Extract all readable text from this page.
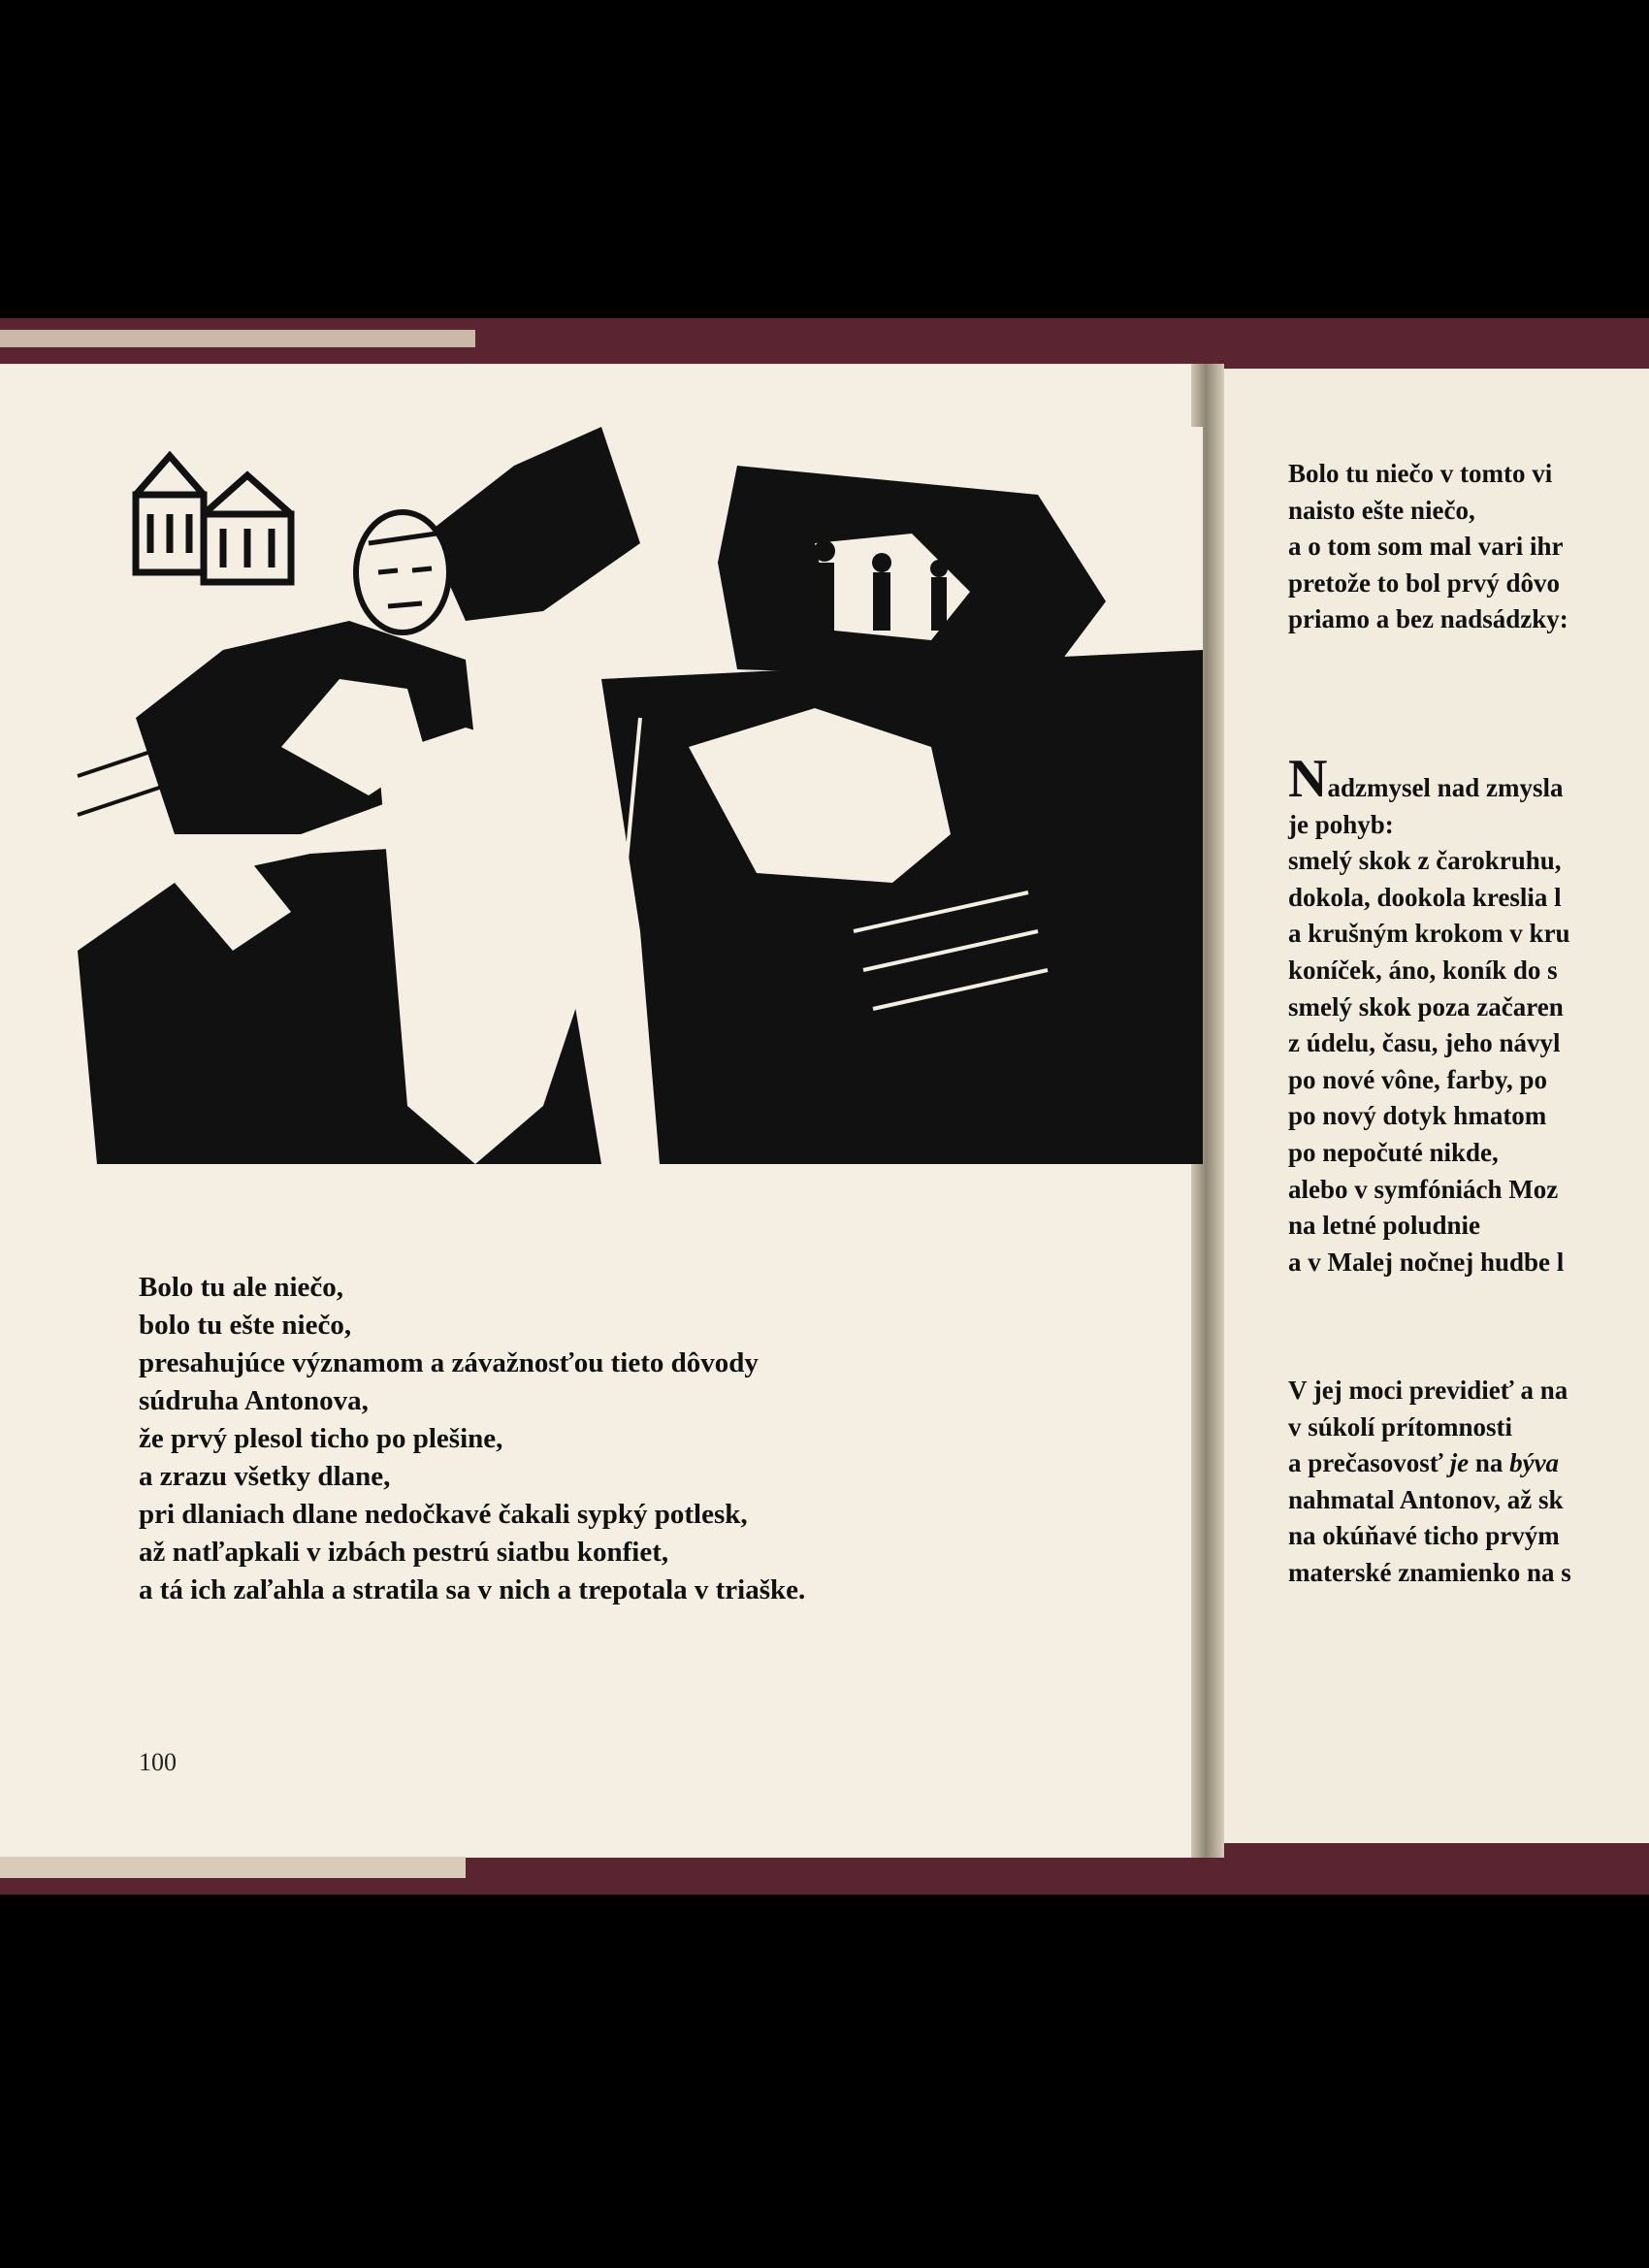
Bolo tu niečo v tomto vi
naisto ešte niečo,
a o tom som mal vari ihr
pretože to bol prvý dôvo
priamo a bez nadsádzky:
Nadzmysel nad zmysla
je pohyb:
smelý skok z čarokruhu,
dokola, dookola kreslia l
a krušným krokom v kru
koníček, áno, koník do s
smelý skok poza začaren
z údelu, času, jeho návyl
po nové vône, farby, po
po nový dotyk hmatom
po nepočuté nikde,
alebo v symfóniách Moz
na letné poludnie
a v Malej nočnej hudbe l
V jej moci previdieť a na
v súkolí prítomnosti
a prečasovosť je na býva
nahmatal Antonov, až sk
na okúňavé ticho prvým
materské znamienko na s
Bolo tu ale niečo,
bolo tu ešte niečo,
presahujúce významom a závažnosťou tieto dôvody
súdruha Antonova,
že prvý plesol ticho po plešine,
a zrazu všetky dlane,
pri dlaniach dlane nedočkavé čakali sypký potlesk,
až natľapkali v izbách pestrú siatbu konfiet,
a tá ich zaľahla a stratila sa v nich a trepotala v triaške.
100
